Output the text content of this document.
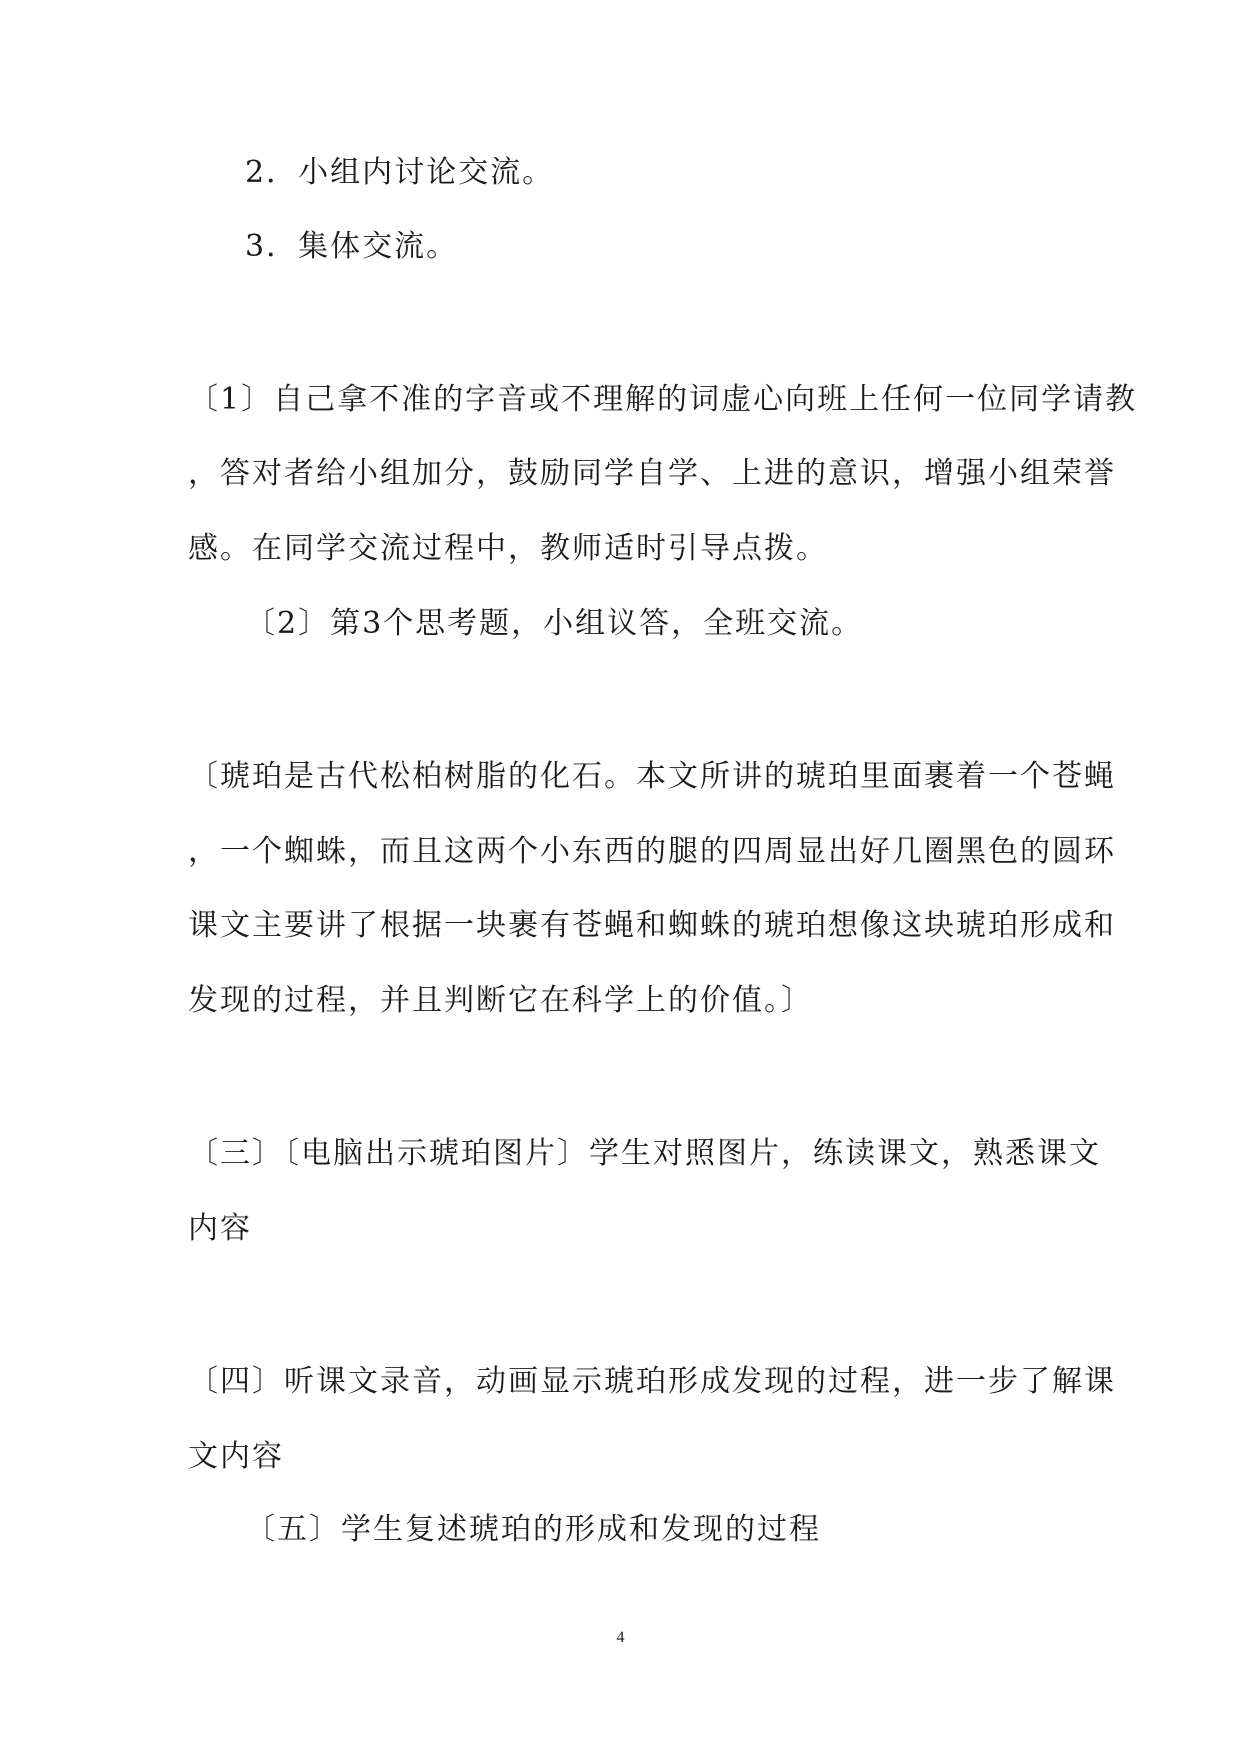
2．小组内讨论交流。
3．集体交流。
〔1〕自己拿不准的字音或不理解的词虚心向班上任何一位同学请教
，答对者给小组加分，鼓励同学自学、上进的意识，增强小组荣誉
感。在同学交流过程中，教师适时引导点拨。
〔2〕第3个思考题，小组议答，全班交流。
〔琥珀是古代松柏树脂的化石。本文所讲的琥珀里面裹着一个苍蝇
，一个蜘蛛，而且这两个小东西的腿的四周显出好几圈黑色的圆环
课文主要讲了根据一块裹有苍蝇和蜘蛛的琥珀想像这块琥珀形成和
发现的过程，并且判断它在科学上的价值。〕
〔三〕〔电脑出示琥珀图片〕学生对照图片，练读课文，熟悉课文
内容
〔四〕听课文录音，动画显示琥珀形成发现的过程，进一步了解课
文内容
〔五〕学生复述琥珀的形成和发现的过程
4
